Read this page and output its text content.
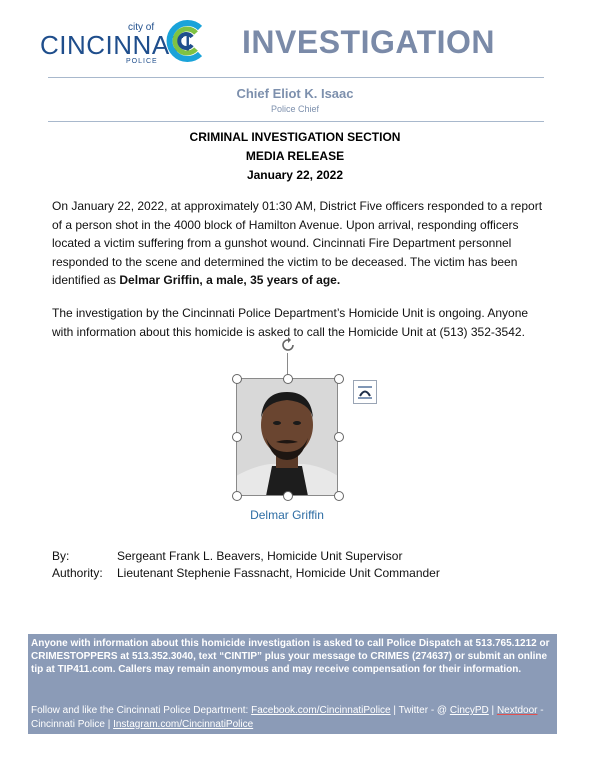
city of
CINCINNATI
POLICE
INVESTIGATION
Chief Eliot K. Isaac
Police Chief
CRIMINAL INVESTIGATION SECTION
MEDIA RELEASE
January 22, 2022
On January 22, 2022, at approximately 01:30 AM, District Five officers responded to a report of a person shot in the 4000 block of Hamilton Avenue. Upon arrival, responding officers located a victim suffering from a gunshot wound. Cincinnati Fire Department personnel responded to the scene and determined the victim to be deceased. The victim has been identified as Delmar Griffin, a male, 35 years of age.
The investigation by the Cincinnati Police Department’s Homicide Unit is ongoing. Anyone with information about this homicide is asked to call the Homicide Unit at (513) 352-3542.
Delmar Griffin
By:	Sergeant Frank L. Beavers, Homicide Unit Supervisor
Authority: Lieutenant Stephenie Fassnacht, Homicide Unit Commander
Anyone with information about this homicide investigation is asked to call Police Dispatch at 513.765.1212 or CRIMESTOPPERS at 513.352.3040, text “CINTIP” plus your message to CRIMES (274637) or submit an online tip at TIP411.com. Callers may remain anonymous and may receive compensation for their information.
Follow and like the Cincinnati Police Department: Facebook.com/CincinnatiPolice | Twitter - @ CincyPD | Nextdoor - Cincinnati Police | Instagram.com/CincinnatiPolice
